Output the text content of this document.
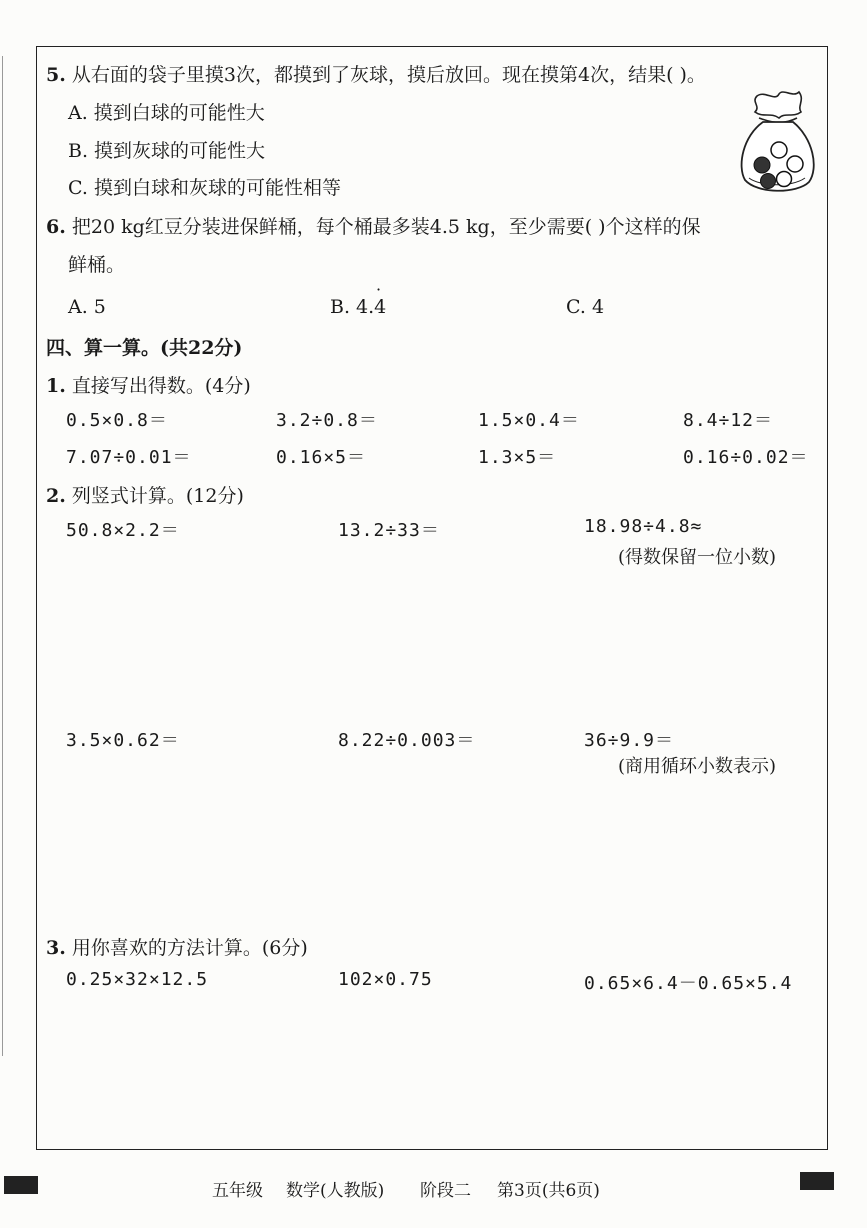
5. 从右面的袋子里摸3次，都摸到了灰球，摸后放回。现在摸第4次，结果( )。
A. 摸到白球的可能性大
B. 摸到灰球的可能性大
C. 摸到白球和灰球的可能性相等
6. 把20 kg红豆分装进保鲜桶，每个桶最多装4.5 kg，至少需要( )个这样的保
鲜桶。
A. 5	B. 4.4
·
C. 4
四、算一算。(共22分)
1. 直接写出得数。(4分)
0.5×0.8＝	3.2÷0.8＝	1.5×0.4＝	8.4÷12＝
7.07÷0.01＝	0.16×5＝	1.3×5＝	0.16÷0.02＝
2. 列竖式计算。(12分)
50.8×2.2＝	13.2÷33＝	18.98÷4.8≈
(得数保留一位小数)
3.5×0.62＝	8.22÷0.003＝	36÷9.9＝
(商用循环小数表示)
3. 用你喜欢的方法计算。(6分)
0.25×32×12.5	102×0.75	0.65×6.4－0.65×5.4
五年级 数学(人教版) 阶段二 第3页(共6页)
